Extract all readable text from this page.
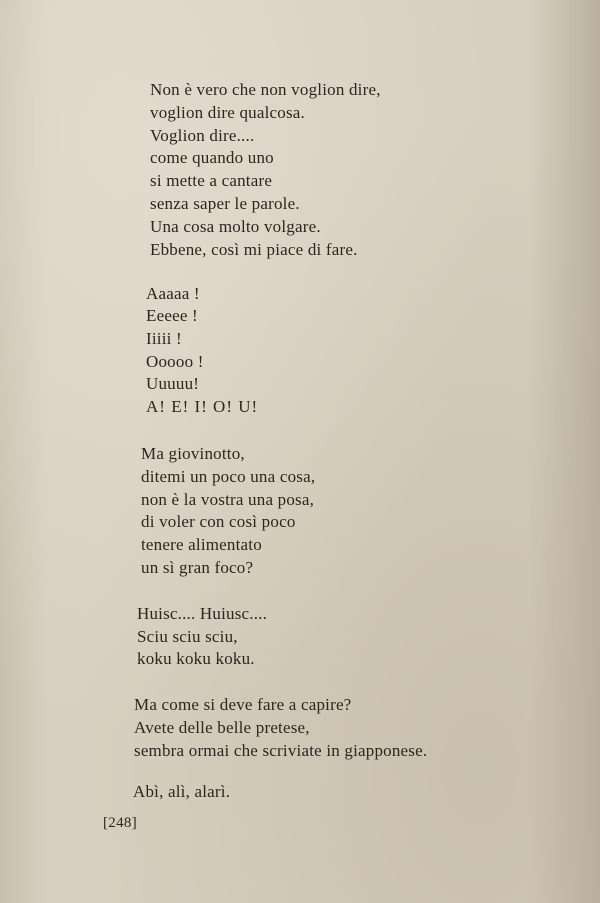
Non è vero che non voglion dire,
voglion dire qualcosa.
Voglion dire....
come quando uno
si mette a cantare
senza saper le parole.
Una cosa molto volgare.
Ebbene, così mi piace di fare.
Aaaaa !
Eeeee !
Iiiii !
Ooooo !
Uuuuu!
A! E! I! O! U!
Ma giovinotto,
ditemi un poco una cosa,
non è la vostra una posa,
di voler con così poco
tenere alimentato
un sì gran foco?
Huisc.... Huiusc....
Sciu sciu sciu,
koku koku koku.
Ma come si deve fare a capire?
Avete delle belle pretese,
sembra ormai che scriviate in giapponese.
Abì, alì, alarì.
[248]
